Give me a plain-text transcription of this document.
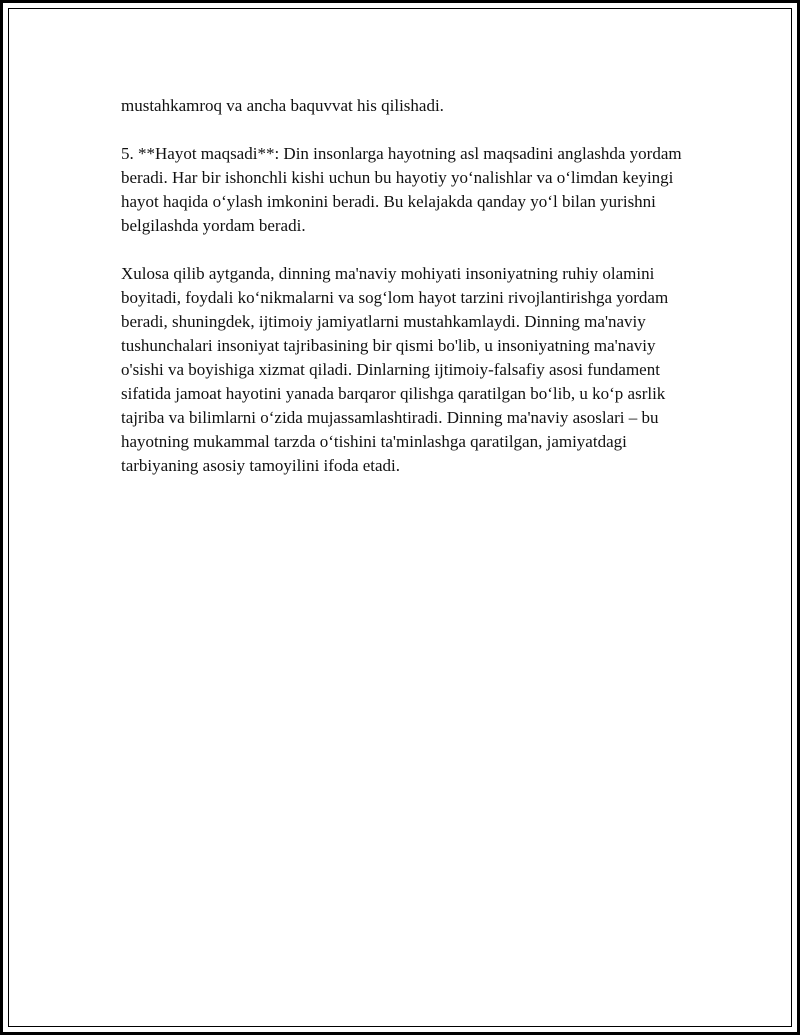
mustahkamroq va ancha baquvvat his qilishadi.

5. **Hayot maqsadi**: Din insonlarga hayotning asl maqsadini anglashda yordam beradi. Har bir ishonchli kishi uchun bu hayotiy yo‘nalishlar va o‘limdan keyingi hayot haqida o‘ylash imkonini beradi. Bu kelajakda qanday yo‘l bilan yurishni belgilashda yordam beradi.

Xulosa qilib aytganda, dinning ma'naviy mohiyati insoniyatning ruhiy olamini boyitadi, foydali ko‘nikmalarni va sog‘lom hayot tarzini rivojlantirishga yordam beradi, shuningdek, ijtimoiy jamiyatlarni mustahkamlaydi. Dinning ma'naviy tushunchalari insoniyat tajribasining bir qismi bo'lib, u insoniyatning ma'naviy o'sishi va boyishiga xizmat qiladi. Dinlarning ijtimoiy-falsafiy asosi fundament sifatida jamoat hayotini yanada barqaror qilishga qaratilgan bo‘lib, u ko‘p asrlik tajriba va bilimlarni o‘zida mujassamlashtiradi. Dinning ma'naviy asoslari – bu hayotning mukammal tarzda o‘tishini ta'minlashga qaratilgan, jamiyatdagi tarbiyaning asosiy tamoyilini ifoda etadi.
